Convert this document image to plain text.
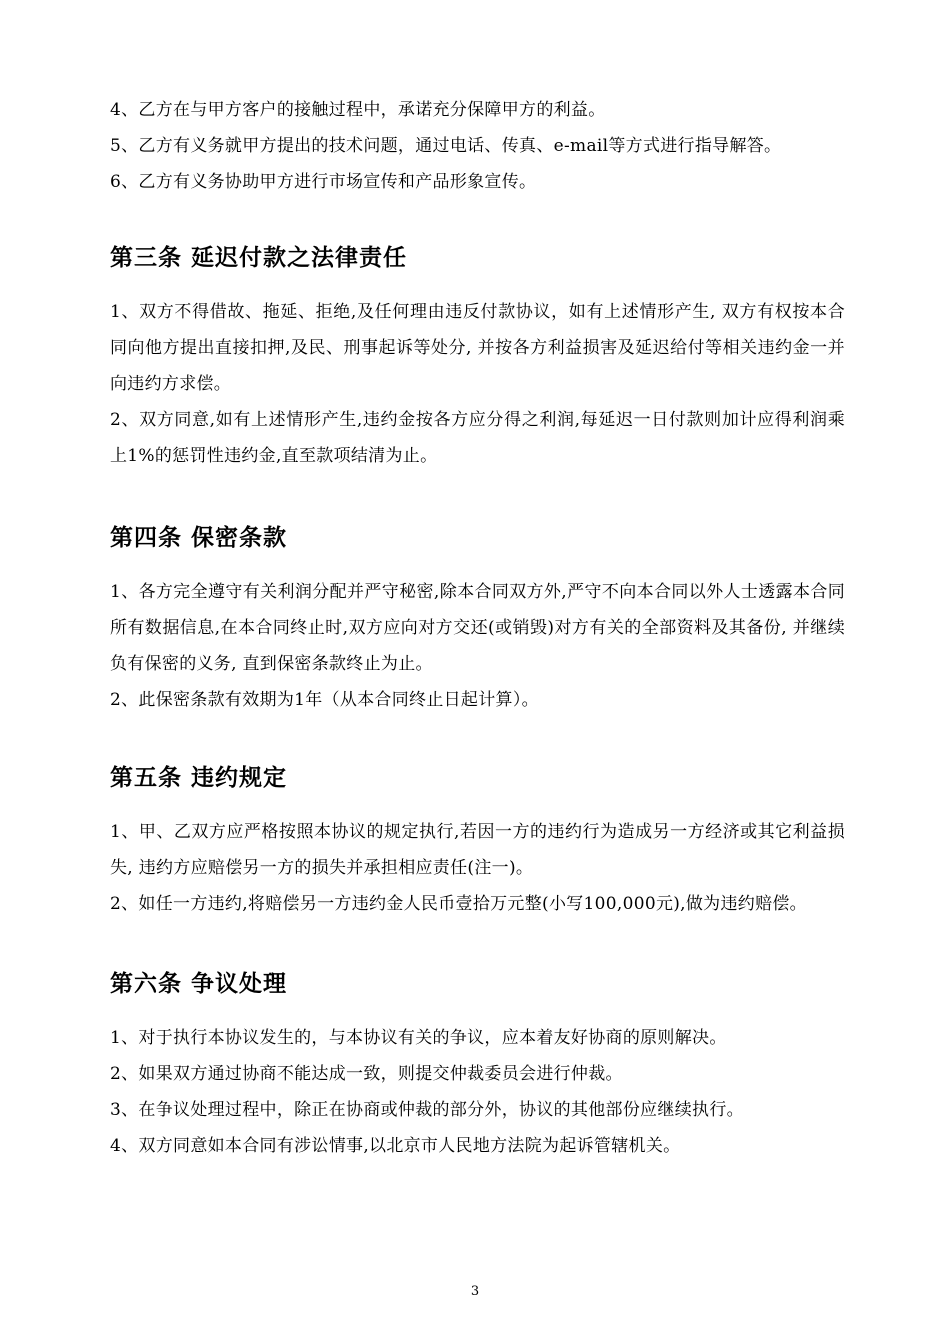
4、乙方在与甲方客户的接触过程中，承诺充分保障甲方的利益。

5、乙方有义务就甲方提出的技术问题，通过电话、传真、e-mail等方式进行指导解答。

6、乙方有义务协助甲方进行市场宣传和产品形象宣传。

第三条 延迟付款之法律责任

1、双方不得借故、拖延、拒绝,及任何理由违反付款协议，如有上述情形产生, 双方有权按本合同向他方提出直接扣押,及民、刑事起诉等处分, 并按各方利益损害及延迟给付等相关违约金一并向违约方求偿。

2、双方同意,如有上述情形产生,违约金按各方应分得之利润,每延迟一日付款则加计应得利润乘上1%的惩罚性违约金,直至款项结清为止。

第四条 保密条款

1、各方完全遵守有关利润分配并严守秘密,除本合同双方外,严守不向本合同以外人士透露本合同所有数据信息,在本合同终止时,双方应向对方交还(或销毁)对方有关的全部资料及其备份, 并继续负有保密的义务, 直到保密条款终止为止。

2、此保密条款有效期为1年（从本合同终止日起计算）。

第五条 违约规定

1、甲、乙双方应严格按照本协议的规定执行,若因一方的违约行为造成另一方经济或其它利益损失, 违约方应赔偿另一方的损失并承担相应责任(注一)。

2、如任一方违约,将赔偿另一方违约金人民币壹拾万元整(小写100,000元),做为违约赔偿。

第六条 争议处理

1、对于执行本协议发生的，与本协议有关的争议，应本着友好协商的原则解决。

2、如果双方通过协商不能达成一致，则提交仲裁委员会进行仲裁。

3、在争议处理过程中，除正在协商或仲裁的部分外，协议的其他部份应继续执行。

4、双方同意如本合同有涉讼情事,以北京市人民地方法院为起诉管辖机关。

3
